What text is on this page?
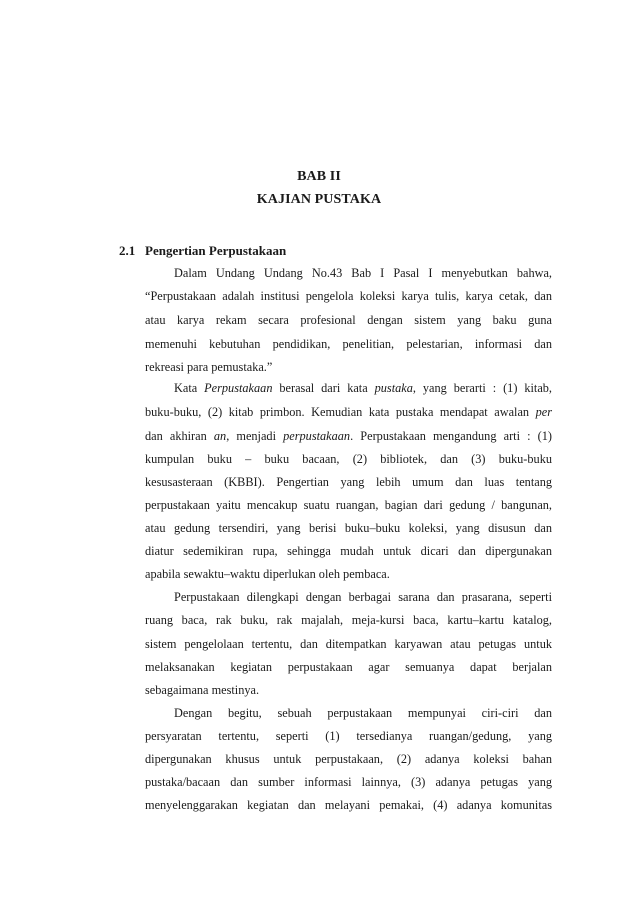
BAB II
KAJIAN PUSTAKA
2.1 Pengertian Perpustakaan
Dalam Undang Undang No.43 Bab I Pasal I menyebutkan bahwa,
“Perpustakaan adalah institusi pengelola koleksi karya tulis, karya cetak, dan
atau karya rekam secara profesional dengan sistem yang baku guna
memenuhi kebutuhan pendidikan, penelitian, pelestarian, informasi dan
rekreasi para pemustaka.”
Kata Perpustakaan berasal dari kata pustaka, yang berarti : (1) kitab,
buku-buku, (2) kitab primbon. Kemudian kata pustaka mendapat awalan per
dan akhiran an, menjadi perpustakaan. Perpustakaan mengandung arti : (1)
kumpulan buku – buku bacaan, (2) bibliotek, dan (3) buku-buku
kesusasteraan (KBBI). Pengertian yang lebih umum dan luas tentang
perpustakaan yaitu mencakup suatu ruangan, bagian dari gedung / bangunan,
atau gedung tersendiri, yang berisi buku–buku koleksi, yang disusun dan
diatur sedemikiran rupa, sehingga mudah untuk dicari dan dipergunakan
apabila sewaktu–waktu diperlukan oleh pembaca.
Perpustakaan dilengkapi dengan berbagai sarana dan prasarana, seperti
ruang baca, rak buku, rak majalah, meja-kursi baca, kartu–kartu katalog,
sistem pengelolaan tertentu, dan ditempatkan karyawan atau petugas untuk
melaksanakan kegiatan perpustakaan agar semuanya dapat berjalan
sebagaimana mestinya.
Dengan begitu, sebuah perpustakaan mempunyai ciri-ciri dan
persyaratan tertentu, seperti (1) tersedianya ruangan/gedung, yang
dipergunakan khusus untuk perpustakaan, (2) adanya koleksi bahan
pustaka/bacaan dan sumber informasi lainnya, (3) adanya petugas yang
menyelenggarakan kegiatan dan melayani pemakai, (4) adanya komunitas
